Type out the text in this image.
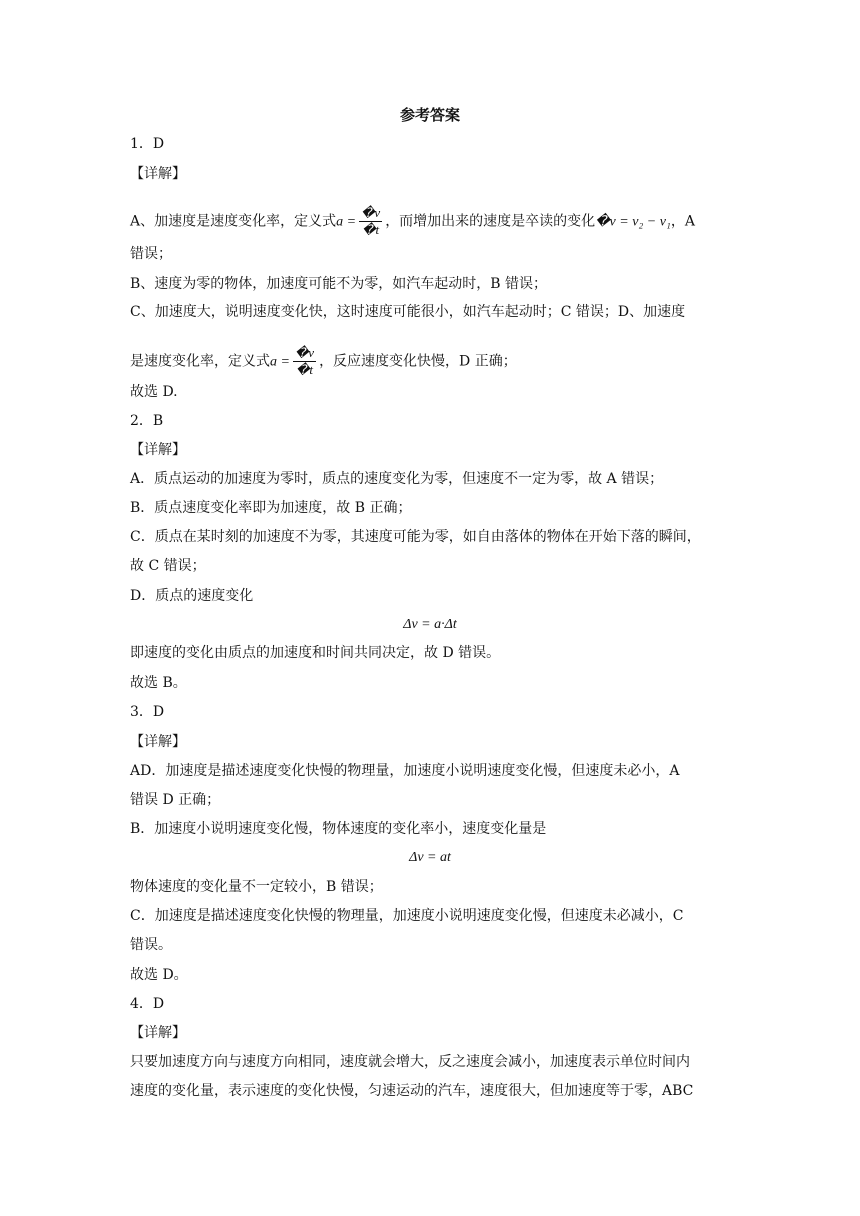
参考答案
1．D
【详解】
A、加速度是速度变化率，定义式$a = \frac{�v}{�t}$ ，而增加出来的速度是卒读的变化�v = v₂ − v₁，A
错误；
B、速度为零的物体，加速度可能不为零，如汽车起动时，B 错误；
C、加速度大，说明速度变化快，这时速度可能很小，如汽车起动时；C 错误；D、加速度
是速度变化率，定义式$a = \frac{�v}{�t}$ ，反应速度变化快慢，D 正确；
故选 D.
2．B
【详解】
A．质点运动的加速度为零时，质点的速度变化为零，但速度不一定为零，故 A 错误；
B．质点速度变化率即为加速度，故 B 正确；
C．质点在某时刻的加速度不为零，其速度可能为零，如自由落体的物体在开始下落的瞬间，
故 C 错误；
D．质点的速度变化
Δv = a·Δt
即速度的变化由质点的加速度和时间共同决定，故 D 错误。
故选 B。
3．D
【详解】
AD．加速度是描述速度变化快慢的物理量，加速度小说明速度变化慢，但速度未必小，A
错误 D 正确；
B．加速度小说明速度变化慢，物体速度的变化率小，速度变化量是
Δv = at
物体速度的变化量不一定较小，B 错误；
C．加速度是描述速度变化快慢的物理量，加速度小说明速度变化慢，但速度未必减小，C
错误。
故选 D。
4．D
【详解】
只要加速度方向与速度方向相同，速度就会增大，反之速度会减小，加速度表示单位时间内
速度的变化量，表示速度的变化快慢，匀速运动的汽车，速度很大，但加速度等于零，ABC
